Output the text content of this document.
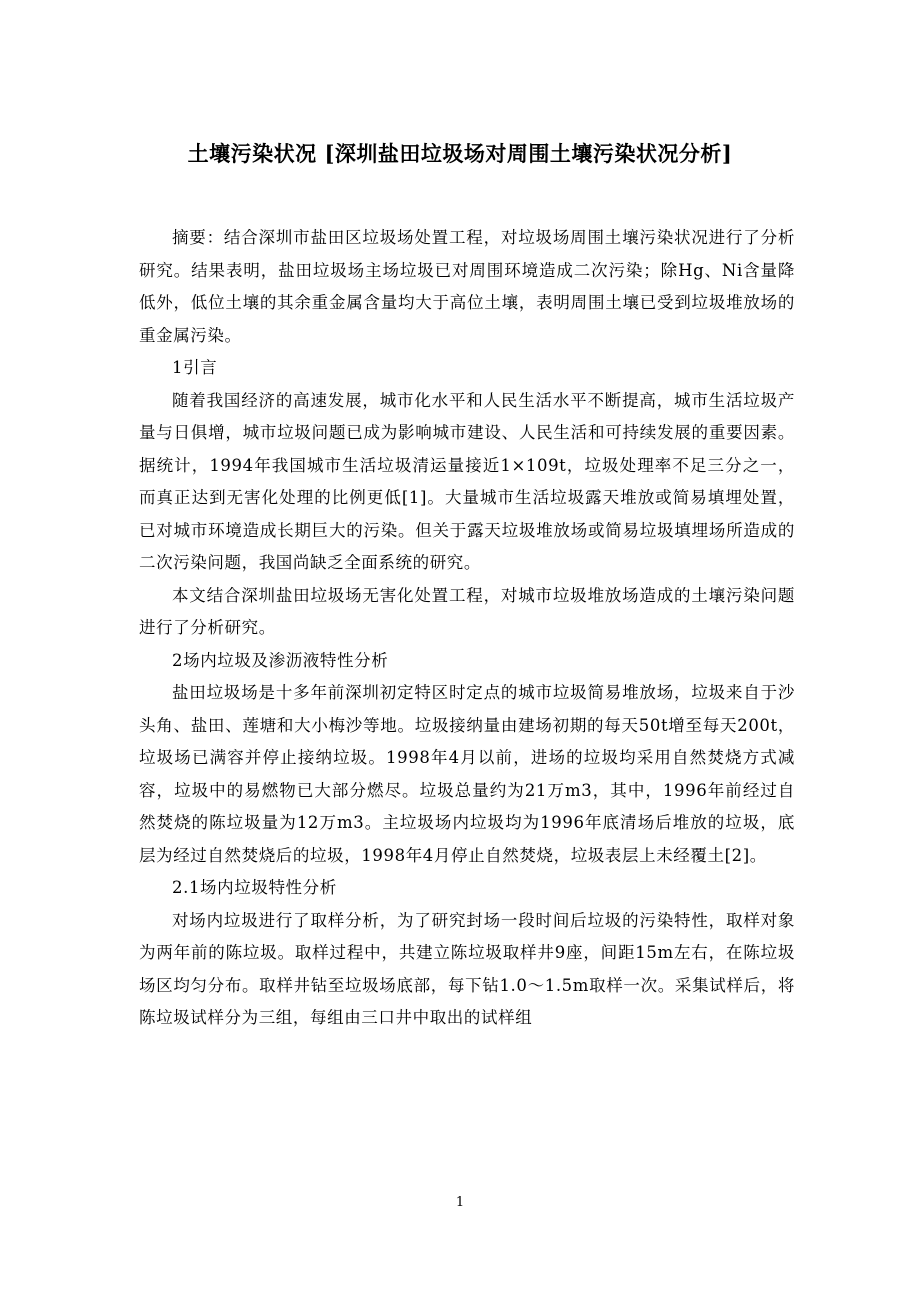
土壤污染状况 [深圳盐田垃圾场对周围土壤污染状况分析]

摘要：结合深圳市盐田区垃圾场处置工程，对垃圾场周围土壤污染状况进行了分析研究。结果表明，盐田垃圾场主场垃圾已对周围环境造成二次污染；除Hg、Ni含量降低外，低位土壤的其余重金属含量均大于高位土壤，表明周围土壤已受到垃圾堆放场的重金属污染。

1引言

随着我国经济的高速发展，城市化水平和人民生活水平不断提高，城市生活垃圾产量与日俱增，城市垃圾问题已成为影响城市建设、人民生活和可持续发展的重要因素。据统计，1994年我国城市生活垃圾清运量接近1×109t，垃圾处理率不足三分之一，而真正达到无害化处理的比例更低[1]。大量城市生活垃圾露天堆放或简易填埋处置，已对城市环境造成长期巨大的污染。但关于露天垃圾堆放场或简易垃圾填埋场所造成的二次污染问题，我国尚缺乏全面系统的研究。

本文结合深圳盐田垃圾场无害化处置工程，对城市垃圾堆放场造成的土壤污染问题进行了分析研究。

2场内垃圾及渗沥液特性分析

盐田垃圾场是十多年前深圳初定特区时定点的城市垃圾简易堆放场，垃圾来自于沙头角、盐田、莲塘和大小梅沙等地。垃圾接纳量由建场初期的每天50t增至每天200t，垃圾场已满容并停止接纳垃圾。1998年4月以前，进场的垃圾均采用自然焚烧方式减容，垃圾中的易燃物已大部分燃尽。垃圾总量约为21万m3，其中，1996年前经过自然焚烧的陈垃圾量为12万m3。主垃圾场内垃圾均为1996年底清场后堆放的垃圾，底层为经过自然焚烧后的垃圾，1998年4月停止自然焚烧，垃圾表层上未经覆土[2]。

2.1场内垃圾特性分析

对场内垃圾进行了取样分析，为了研究封场一段时间后垃圾的污染特性，取样对象为两年前的陈垃圾。取样过程中，共建立陈垃圾取样井9座，间距15m左右，在陈垃圾场区均匀分布。取样井钻至垃圾场底部，每下钻1.0～1.5m取样一次。采集试样后，将陈垃圾试样分为三组，每组由三口井中取出的试样组

1
